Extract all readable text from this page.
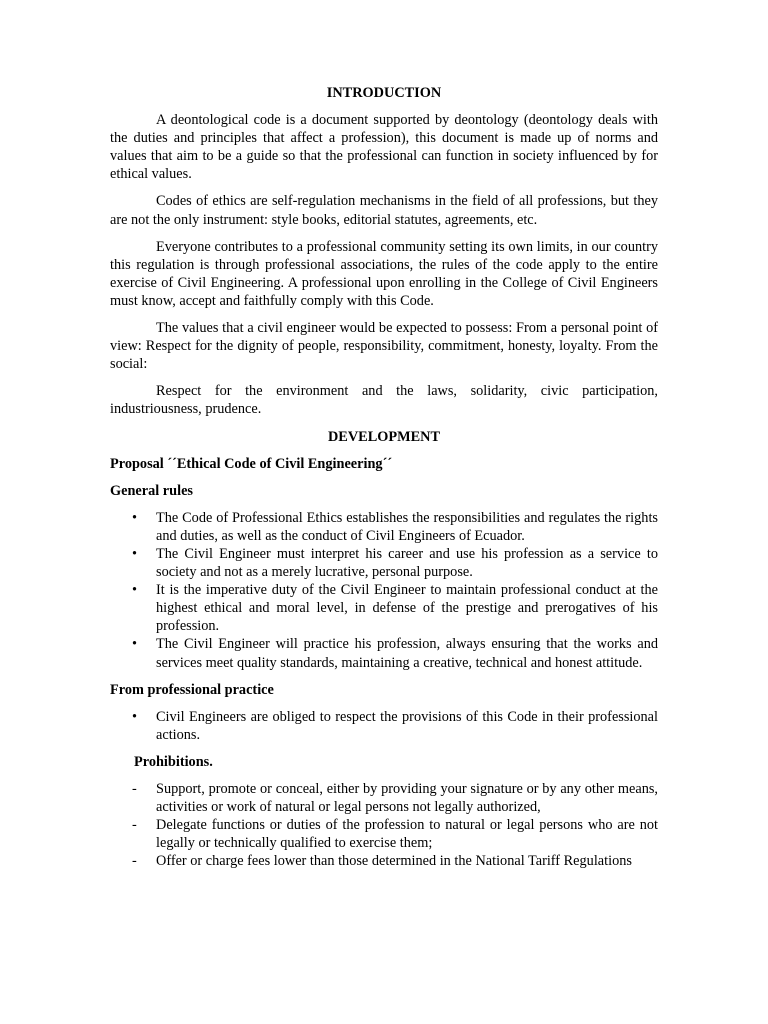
INTRODUCTION

A deontological code is a document supported by deontology (deontology deals with the duties and principles that affect a profession), this document is made up of norms and values that aim to be a guide so that the professional can function in society influenced by for ethical values.

Codes of ethics are self-regulation mechanisms in the field of all professions, but they are not the only instrument: style books, editorial statutes, agreements, etc.

Everyone contributes to a professional community setting its own limits, in our country this regulation is through professional associations, the rules of the code apply to the entire exercise of Civil Engineering. A professional upon enrolling in the College of Civil Engineers must know, accept and faithfully comply with this Code.

The values that a civil engineer would be expected to possess: From a personal point of view: Respect for the dignity of people, responsibility, commitment, honesty, loyalty. From the social:

Respect for the environment and the laws, solidarity, civic participation, industriousness, prudence.

DEVELOPMENT
Proposal ´´Ethical Code of Civil Engineering´´
General rules
• The Code of Professional Ethics establishes the responsibilities and regulates the rights and duties, as well as the conduct of Civil Engineers of Ecuador.
• The Civil Engineer must interpret his career and use his profession as a service to society and not as a merely lucrative, personal purpose.
• It is the imperative duty of the Civil Engineer to maintain professional conduct at the highest ethical and moral level, in defense of the prestige and prerogatives of his profession.
• The Civil Engineer will practice his profession, always ensuring that the works and services meet quality standards, maintaining a creative, technical and honest attitude.
From professional practice
• Civil Engineers are obliged to respect the provisions of this Code in their professional actions.
Prohibitions.
- Support, promote or conceal, either by providing your signature or by any other means, activities or work of natural or legal persons not legally authorized,
- Delegate functions or duties of the profession to natural or legal persons who are not legally or technically qualified to exercise them;
- Offer or charge fees lower than those determined in the National Tariff Regulations
